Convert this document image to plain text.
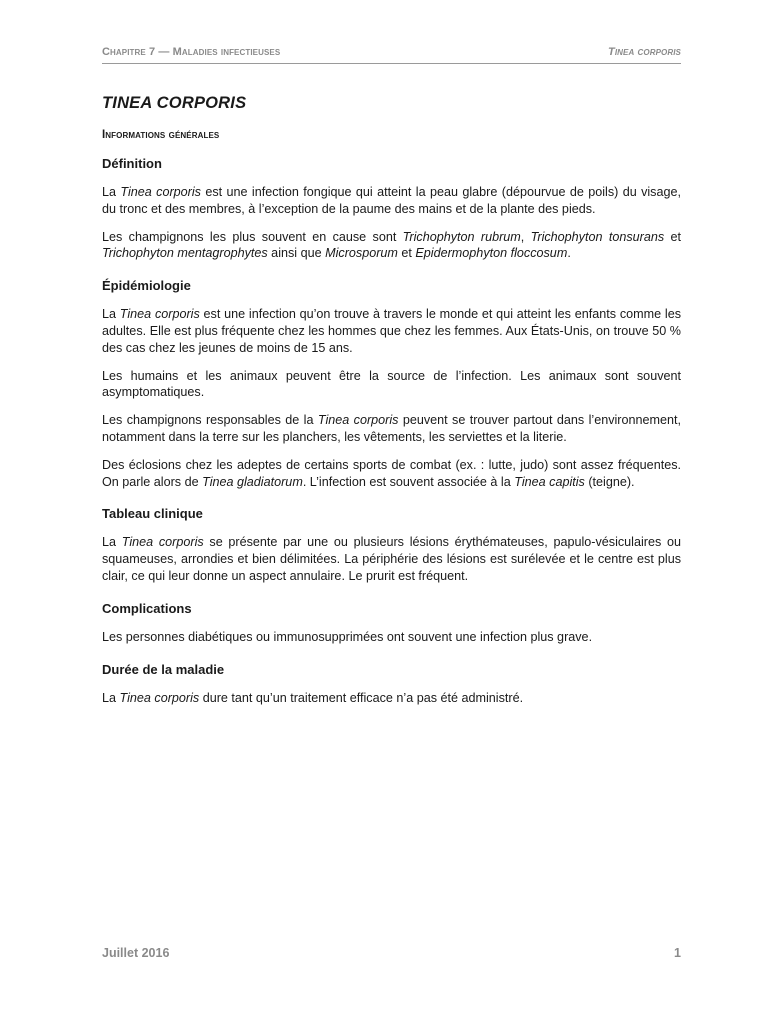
Chapitre 7 — Maladies infectieuses	Tinea corporis
TINEA CORPORIS
Informations générales
Définition

La Tinea corporis est une infection fongique qui atteint la peau glabre (dépourvue de poils) du visage, du tronc et des membres, à l’exception de la paume des mains et de la plante des pieds.

Les champignons les plus souvent en cause sont Trichophyton rubrum, Trichophyton tonsurans et Trichophyton mentagrophytes ainsi que Microsporum et Epidermophyton floccosum.

Épidémiologie

La Tinea corporis est une infection qu’on trouve à travers le monde et qui atteint les enfants comme les adultes. Elle est plus fréquente chez les hommes que chez les femmes. Aux États-Unis, on trouve 50 % des cas chez les jeunes de moins de 15 ans.

Les humains et les animaux peuvent être la source de l’infection. Les animaux sont souvent asymptomatiques.

Les champignons responsables de la Tinea corporis peuvent se trouver partout dans l’environnement, notamment dans la terre sur les planchers, les vêtements, les serviettes et la literie.

Des éclosions chez les adeptes de certains sports de combat (ex. : lutte, judo) sont assez fréquentes. On parle alors de Tinea gladiatorum. L’infection est souvent associée à la Tinea capitis (teigne).

Tableau clinique

La Tinea corporis se présente par une ou plusieurs lésions érythémateuses, papulo-vésiculaires ou squameuses, arrondies et bien délimitées. La périphérie des lésions est surélevée et le centre est plus clair, ce qui leur donne un aspect annulaire. Le prurit est fréquent.

Complications

Les personnes diabétiques ou immunosupprimées ont souvent une infection plus grave.

Durée de la maladie

La Tinea corporis dure tant qu’un traitement efficace n’a pas été administré.

Juillet 2016	1
